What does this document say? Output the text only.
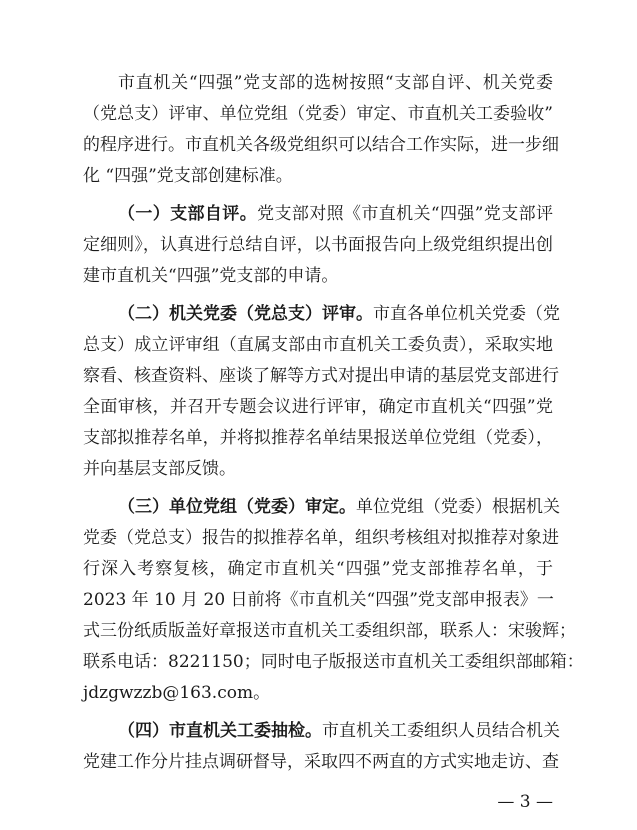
市直机关“四强”党支部的选树按照“支部自评、机关党委
（党总支）评审、单位党组（党委）审定、市直机关工委验收”
的程序进行。市直机关各级党组织可以结合工作实际，进一步细
化 “四强”党支部创建标准。
（一）支部自评。党支部对照《市直机关“四强”党支部评
定细则》，认真进行总结自评，以书面报告向上级党组织提出创
建市直机关“四强”党支部的申请。
（二）机关党委（党总支）评审。市直各单位机关党委（党
总支）成立评审组（直属支部由市直机关工委负责），采取实地
察看、核查资料、座谈了解等方式对提出申请的基层党支部进行
全面审核，并召开专题会议进行评审，确定市直机关“四强”党
支部拟推荐名单，并将拟推荐名单结果报送单位党组（党委），
并向基层支部反馈。
（三）单位党组（党委）审定。单位党组（党委）根据机关
党委（党总支）报告的拟推荐名单，组织考核组对拟推荐对象进
行深入考察复核，确定市直机关“四强”党支部推荐名单，于
2023 年 10 月 20 日前将《市直机关“四强”党支部申报表》一
式三份纸质版盖好章报送市直机关工委组织部，联系人：宋骏辉；
联系电话：8221150；同时电子版报送市直机关工委组织部邮箱：
jdzgwzzb@163.com。
（四）市直机关工委抽检。市直机关工委组织人员结合机关
党建工作分片挂点调研督导，采取四不两直的方式实地走访、查
— 3 —
